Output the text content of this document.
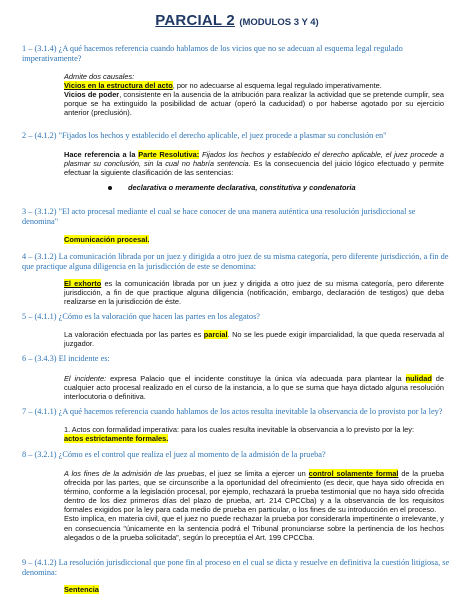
PARCIAL 2 (MODULOS 3 Y 4)
1 – (3.1.4) ¿A qué hacemos referencia cuando hablamos de los vicios que no se adecuan al esquema legal regulado imperativamente?
Admite dos causales:
Vicios en la estructura del acto, por no adecuarse al esquema legal regulado imperativamente.
Vicios de poder, consistente en la ausencia de la atribución para realizar la actividad que se pretende cumplir, sea porque se ha extinguido la posibilidad de actuar (operó la caducidad) o por haberse agotado por su ejercicio anterior (preclusión).
2 – (4.1.2) "Fijados los hechos y establecido el derecho aplicable, el juez procede a plasmar su conclusión en"
Hace referencia a la Parte Resolutiva: Fijados los hechos y establecido el derecho aplicable, el juez procede a plasmar su conclusión, sin la cual no habría sentencia. Es la consecuencia del juicio lógico efectuado y permite efectuar la siguiente clasificación de las sentencias:
declarativa o meramente declarativa, constitutiva y condenatoria
3 – (3.1.2) "El acto procesal mediante el cual se hace conocer de una manera auténtica una resolución jurisdiccional se denomina"
Comunicación procesal.
4 – (3.1.2) La comunicación librada por un juez y dirigida a otro juez de su misma categoría, pero diferente jurisdicción, a fin de que practique alguna diligencia en la jurisdicción de este se denomina:
El exhorto es la comunicación librada por un juez y dirigida a otro juez de su misma categoría, pero diferente jurisdicción, a fin de que practique alguna diligencia (notificación, embargo, declaración de testigos) que deba realizarse en la jurisdicción de éste.
5 – (4.1.1) ¿Cómo es la valoración que hacen las partes en los alegatos?
La valoración efectuada por las partes es parcial. No se les puede exigir imparcialidad, la que queda reservada al juzgador.
6 – (3.4.3) El incidente es:
El incidente: expresa Palacio que el incidente constituye la única vía adecuada para plantear la nulidad de cualquier acto procesal realizado en el curso de la instancia, a lo que se suma que haya dictado alguna resolución interlocutoria o definitiva.
7 – (4.1.1) ¿A qué hacemos referencia cuando hablamos de los actos resulta inevitable la observancia de lo provisto por la ley?
1. Actos con formalidad imperativa: para los cuales resulta inevitable la observancia a lo previsto por la ley:
actos estrictamente formales.
8 – (3.2.1) ¿Cómo es el control que realiza el juez al momento de la admisión de la prueba?
A los fines de la admisión de las pruebas, el juez se limita a ejercer un control solamente formal de la prueba ofrecida por las partes, que se circunscribe a la oportunidad del ofrecimiento (es decir, que haya sido ofrecida en término, conforme a la legislación procesal, por ejemplo, rechazará la prueba testimonial que no haya sido ofrecida dentro de los diez primeros días del plazo de prueba, art. 214 CPCCba) y a la observancia de los requisitos formales exigidos por la ley para cada medio de prueba en particular, o los fines de su introducción en el proceso.
Esto implica, en materia civil, que el juez no puede rechazar la prueba por considerarla impertinente o irrelevante, y en consecuencia "únicamente en la sentencia podrá el Tribunal pronunciarse sobre la pertinencia de los hechos alegados o de la prueba solicitada", según lo preceptúa el Art. 199 CPCCba.
9 – (4.1.2) La resolución jurisdiccional que pone fin al proceso en el cual se dicta y resuelve en definitiva la cuestión litigiosa, se denomina:
Sentencia
